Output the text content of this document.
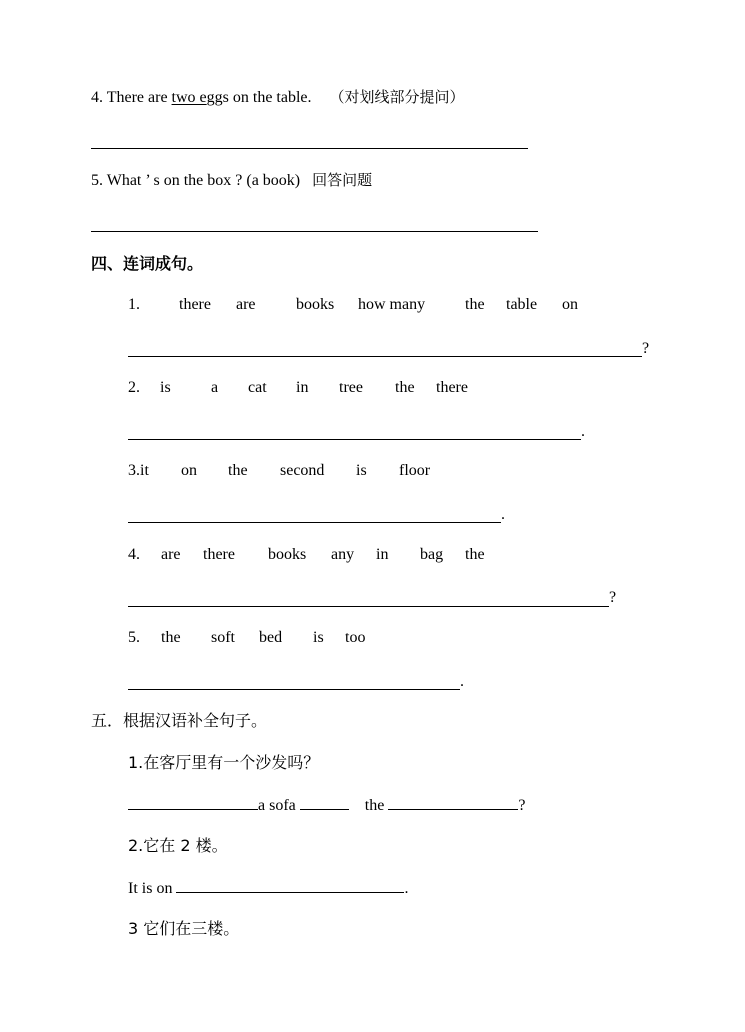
4. There are two eggs on the table. （对划线部分提问）
5. What ’ s on the box ? (a book) 回答问题
四、连词成句。
1. there are	books how many the table on
?
2. is	a cat in tree the there
.
3.it on the second is floor
.
4. are there books any in bag the
?
5. the soft bed is too
.
五．根据汉语补全句子。
1.在客厅里有一个沙发吗？
a sofa	the	?
2.它在 2 楼。
It is on	.
3 它们在三楼。
